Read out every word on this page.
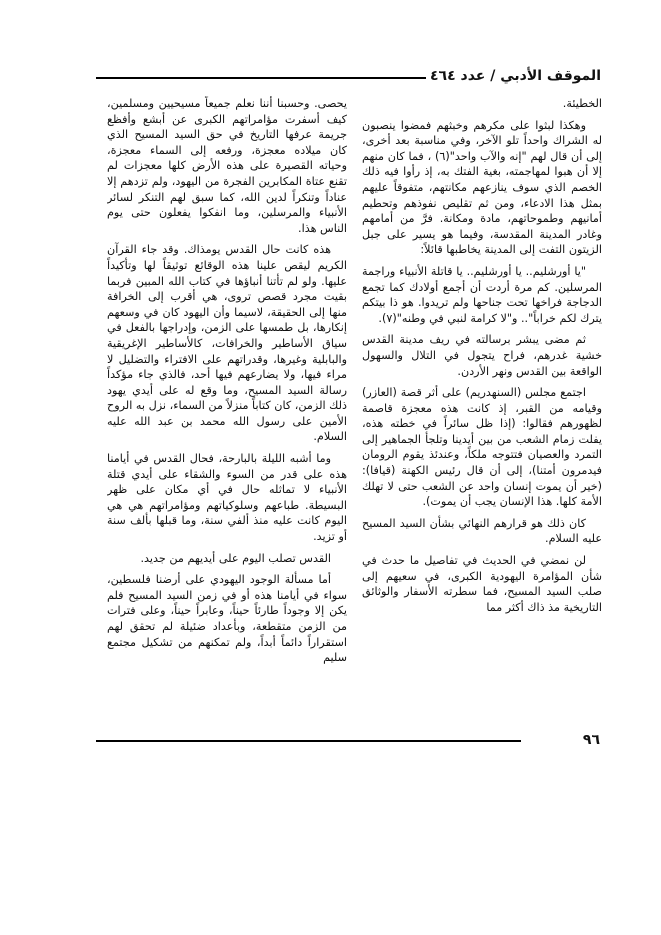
الموقف الأدبي / عدد ٤٦٤

الخطيئة.

وهكذا لبثوا على مكرهم وخبثهم فمضوا ينصبون له الشراك واحداً تلو الآخر، وفي مناسبة بعد أخرى، إلى أن قال لهم "إنه والآب واحد"(٦) ، فما كان منهم إلا أن هبوا لمهاجمته، بغية الفتك به، إذ رأوا فيه ذلك الخصم الذي سوف ينازعهم مكانتهم، متفوقاً عليهم بمثل هذا الادعاء، ومن ثم تقليص نفوذهم وتحطيم أمانيهم وطموحاتهم، مادة ومكانة. فرَّ من أمامهم وغادر المدينة المقدسة، وفيما هو يسير على جبل الزيتون التفت إلى المدينة يخاطبها قائلاً:

"يا أورشليم.. يا أورشليم.. يا قاتلة الأنبياء وراجمة المرسلين. كم مرة أردت أن أجمع أولادك كما تجمع الدجاجة فراخها تحت جناحها ولم تريدوا. هو ذا بيتكم يترك لكم خراباً".. و"لا كرامة لنبي في وطنه"(٧).

ثم مضى يبشر برسالته في ريف مدينة القدس خشية غدرهم، فراح يتجول في التلال والسهول الواقعة بين القدس ونهر الأردن.

اجتمع مجلس (السنهدريم) على أثر قصة (العازر) وقيامه من القبر، إذ كانت هذه معجزة قاصمة لظهورهم فقالوا: (إذا ظل سائراً في خطته هذه، يفلت زمام الشعب من بين أيدينا وتلجأ الجماهير إلى التمرد والعصيان فتتوجه ملكاً، وعندئذ يقوم الرومان فيدمرون أمتنا)، إلى أن قال رئيس الكهنة (قيافا): (خير أن يموت إنسان واحد عن الشعب حتى لا تهلك الأمة كلها. هذا الإنسان يجب أن يموت).

كان ذلك هو قرارهم النهائي بشأن السيد المسيح عليه السلام.

لن نمضي في الحديث في تفاصيل ما حدث في شأن المؤامرة اليهودية الكبرى، في سعيهم إلى صلب السيد المسيح، فما سطرته الأسفار والوثائق التاريخية مذ ذاك أكثر مما

يحصى. وحسبنا أننا نعلم جميعاً مسيحيين ومسلمين، كيف أسفرت مؤامراتهم الكبرى عن أبشع وأفظع جريمة عرفها التاريخ في حق السيد المسيح الذي كان ميلاده معجزة، ورفعه إلى السماء معجزة، وحياته القصيرة على هذه الأرض كلها معجزات لم تقنع عتاة المكابرين الفجرة من اليهود، ولم تزدهم إلا عناداً وتنكراً لدين الله، كما سبق لهم التنكر لسائر الأنبياء والمرسلين، وما انفكوا يفعلون حتى يوم الناس هذا.

هذه كانت حال القدس يومذاك. وقد جاء القرآن الكريم ليقص علينا هذه الوقائع توثيقاً لها وتأكيداً عليها. ولو لم تأتنا أنباؤها في كتاب الله المبين فربما بقيت مجرد قصص تروى، هي أقرب إلى الخرافة منها إلى الحقيقة، لاسيما وأن اليهود كان في وسعهم إنكارها، بل طمسها على الزمن، وإدراجها بالفعل في سياق الأساطير والخرافات، كالأساطير الإغريقية والبابلية وغيرها، وقدراتهم على الافتراء والتضليل لا مراء فيها، ولا يضارعهم فيها أحد، فالذي جاء مؤكداً رسالة السيد المسيح، وما وقع له على أيدي يهود ذلك الزمن، كان كتاباً منزلاً من السماء، نزل به الروح الأمين على رسول الله محمد بن عبد الله عليه السلام.

وما أشبه الليلة بالبارحة، فحال القدس في أيامنا هذه على قدر من السوء والشقاء على أيدي قتلة الأنبياء لا تماثله حال في أي مكان على ظهر البسيطة. طباعهم وسلوكياتهم ومؤامراتهم هي هي اليوم كانت عليه منذ ألفي سنة، وما قبلها بألف سنة أو تزيد.

القدس تصلب اليوم على أيديهم من جديد.

أما مسألة الوجود اليهودي على أرضنا فلسطين، سواء في أيامنا هذه أو في زمن السيد المسيح فلم يكن إلا وجوداً طارئاً حيناً، وعابراً حيناً، وعلى فترات من الزمن متقطعة، وبأعداد ضئيلة لم تحقق لهم استقراراً دائماً أبداً، ولم تمكنهم من تشكيل مجتمع سليم

٩٦
